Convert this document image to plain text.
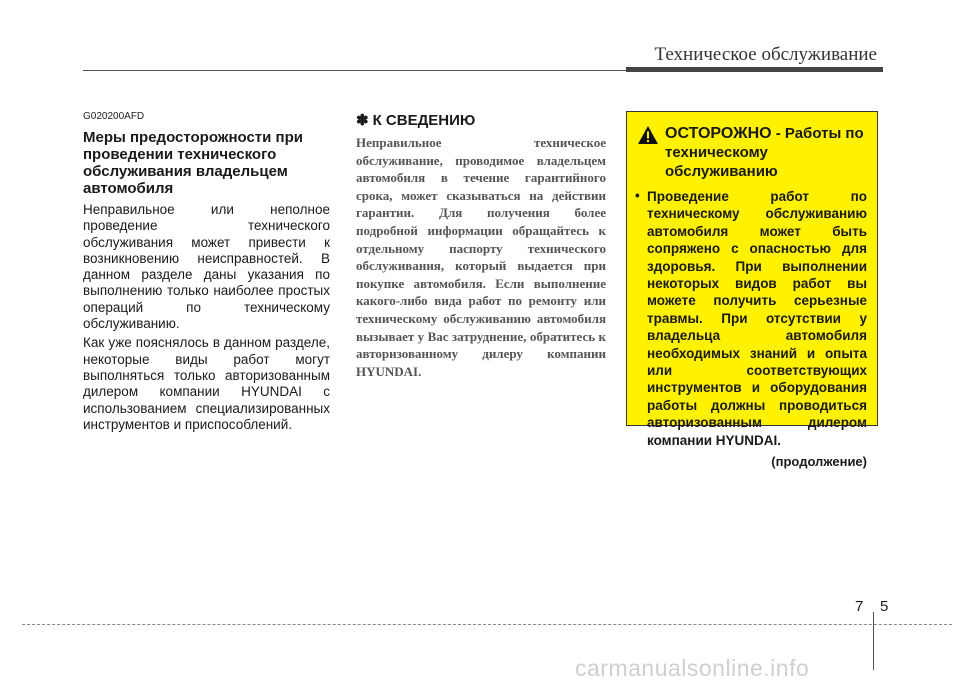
Техническое обслуживание
G020200AFD
Меры предосторожности при проведении технического обслуживания владельцем автомобиля

Неправильное или неполное проведение технического обслуживания может привести к возникновению неисправностей. В данном разделе даны указания по выполнению только наиболее простых операций по техническому обслуживанию.

Как уже пояснялось в данном разделе, некоторые виды работ могут выполняться только авторизованным дилером компании HYUNDAI с использованием специализированных инструментов и приспособлений.

✽ К СВЕДЕНИЮ

Неправильное техническое обслуживание, проводимое владельцем автомобиля в течение гарантийного срока, может сказываться на действии гарантии. Для получения более подробной информации обращайтесь к отдельному паспорту технического обслуживания, который выдается при покупке автомобиля. Если выполнение какого-либо вида работ по ремонту или техническому обслуживанию автомобиля вызывает у Вас затруднение, обратитесь к авторизованному дилеру компании HYUNDAI.

ОСТОРОЖНО - Работы по техническому обслуживанию
• Проведение работ по техническому обслуживанию автомобиля может быть сопряжено с опасностью для здоровья. При выполнении некоторых видов работ вы можете получить серьезные травмы. При отсутствии у владельца автомобиля необходимых знаний и опыта или соответствующих инструментов и оборудования работы должны проводиться авторизованным дилером компании HYUNDAI.
(продолжение)
7 5
carmanualsonline.info
